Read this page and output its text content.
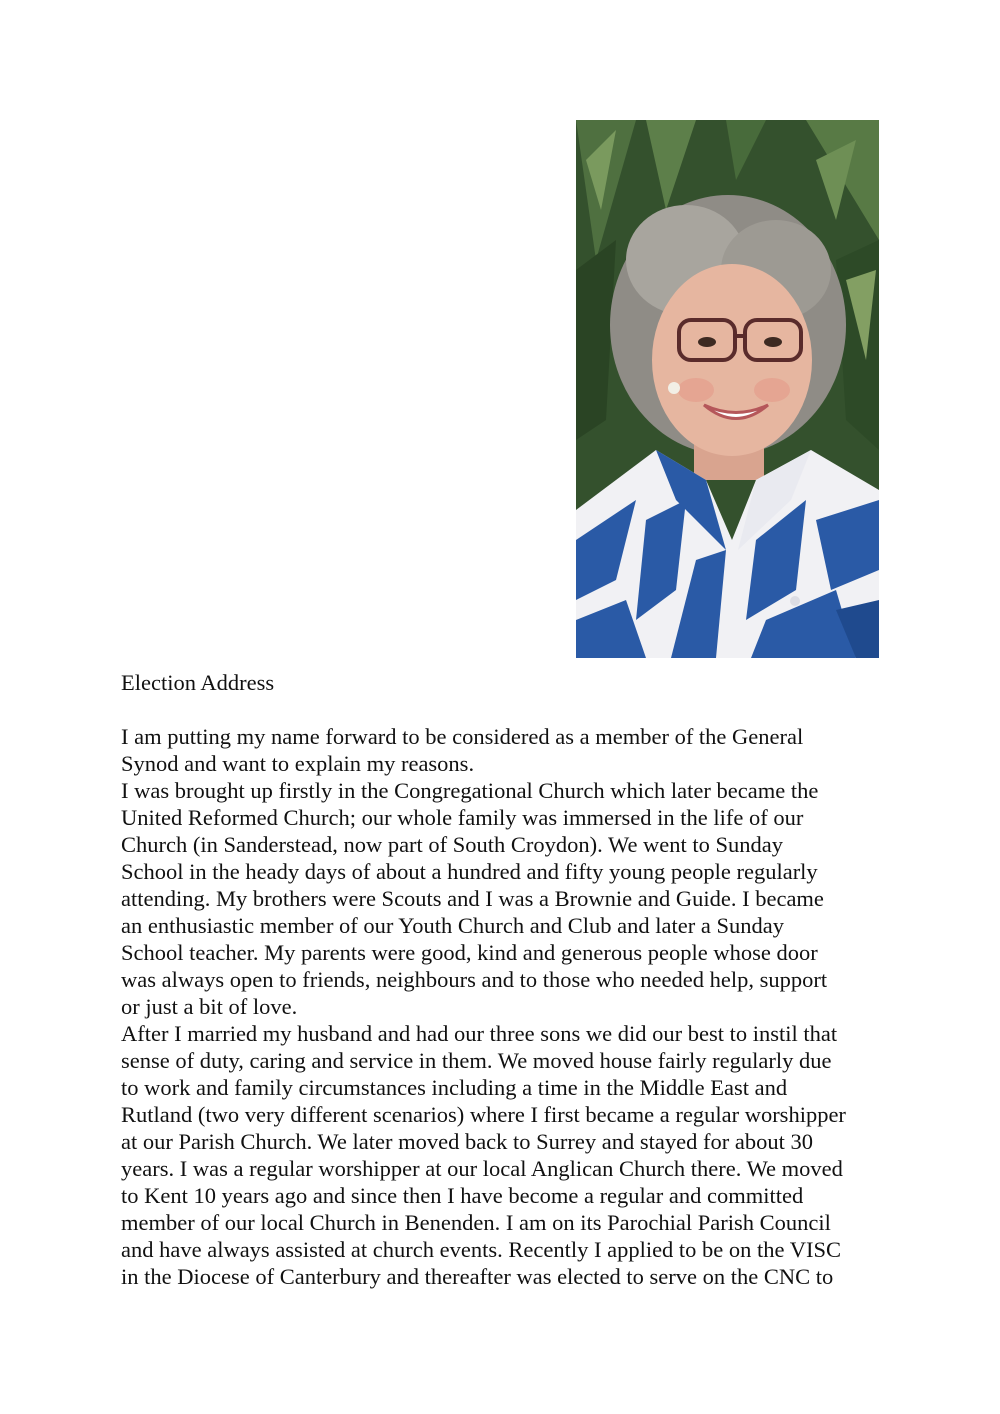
Election Address
I am putting my name forward to be considered as a member of the General
Synod and want to explain my reasons.
I was brought up firstly in the Congregational Church which later became the
United Reformed Church; our whole family was immersed in the life of our
Church (in Sanderstead, now part of South Croydon). We went to Sunday
School in the heady days of about a hundred and fifty young people regularly
attending. My brothers were Scouts and I was a Brownie and Guide. I became
an enthusiastic member of our Youth Church and Club and later a Sunday
School teacher. My parents were good, kind and generous people whose door
was always open to friends, neighbours and to those who needed help, support
or just a bit of love.
After I married my husband and had our three sons we did our best to instil that
sense of duty, caring and service in them. We moved house fairly regularly due
to work and family circumstances including a time in the Middle East and
Rutland (two very different scenarios) where I first became a regular worshipper
at our Parish Church. We later moved back to Surrey and stayed for about 30
years. I was a regular worshipper at our local Anglican Church there. We moved
to Kent 10 years ago and since then I have become a regular and committed
member of our local Church in Benenden. I am on its Parochial Parish Council
and have always assisted at church events. Recently I applied to be on the VISC
in the Diocese of Canterbury and thereafter was elected to serve on the CNC to
